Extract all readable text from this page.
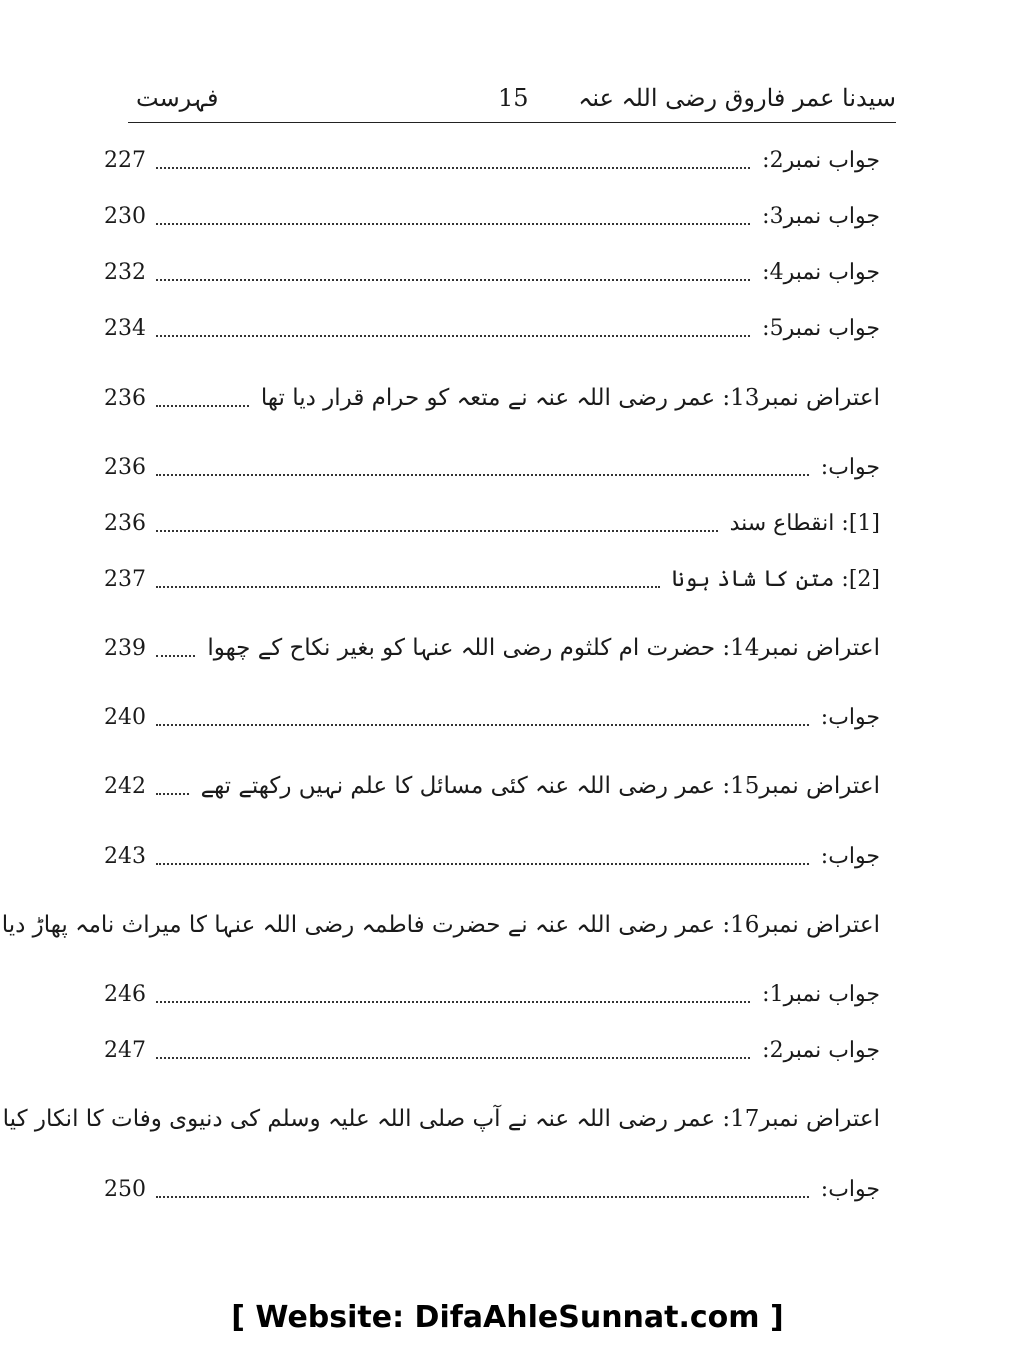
سیدنا عمر فاروق رضی اللہ عنہ
15
فہرست
جواب نمبر2:
227
جواب نمبر3:
230
جواب نمبر4:
232
جواب نمبر5:
234
اعتراض نمبر13: عمر رضی اللہ عنہ نے متعہ کو حرام قرار دیا تھا
236
جواب:
236
[1]: انقطاع سند
236
[2]: متن کا شاذ ہونا
237
اعتراض نمبر14: حضرت ام کلثوم رضی اللہ عنہا کو بغیر نکاح کے چھوا
239
جواب:
240
اعتراض نمبر15: عمر رضی اللہ عنہ کئی مسائل کا علم نہیں رکھتے تھے
242
جواب:
243
اعتراض نمبر16: عمر رضی اللہ عنہ نے حضرت فاطمہ رضی اللہ عنہا کا میراث نامہ پھاڑ دیا
جواب نمبر1:
246
جواب نمبر2:
247
اعتراض نمبر17: عمر رضی اللہ عنہ نے آپ صلی اللہ علیہ وسلم کی دنیوی وفات کا انکار کیا
جواب:
250
[ Website: DifaAhleSunnat.com ]
